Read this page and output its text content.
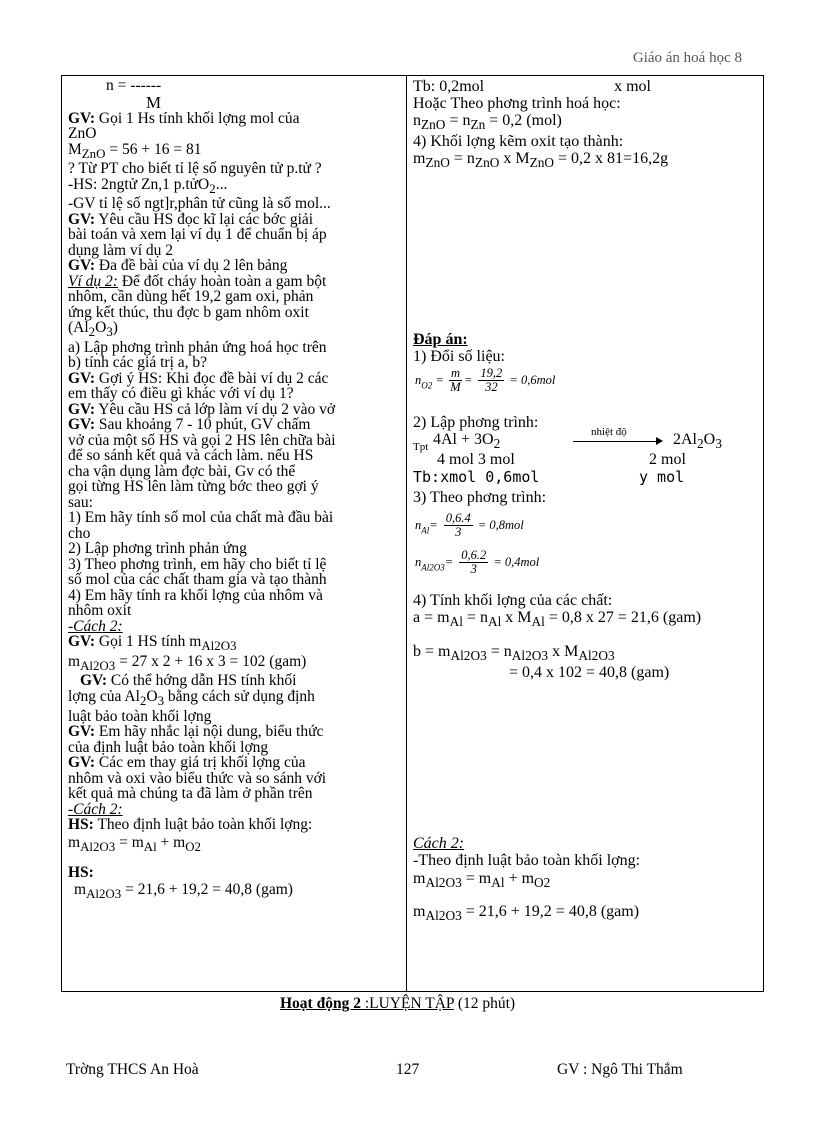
Giáo án hoá học 8
n = ------
M
GV: Gọi 1 Hs tính khối lợng mol của
ZnO
$M_{ZnO} = 56 + 16 = 81$
? Từ PT cho biết tỉ lệ số nguyên tử p.tử ?
-HS: 2ngtử Zn,1 p.tửO$_2$...
-GV tỉ lệ số ngt]r,phân tử cũng là số mol...
GV: Yêu cầu HS đọc kĩ lại các bớc giải
bài toán và xem lại ví dụ 1 để chuẩn bị áp
dụng làm ví dụ 2
GV: Đa đề bài của ví dụ 2 lên bảng
Ví dụ 2: Để đốt cháy hoàn toàn a gam bột
nhôm, cần dùng hết 19,2 gam oxi, phản
ứng kết thúc, thu đợc b gam nhôm oxit
$(Al_2O_3)$
a) Lập phơng trình phản ứng hoá học trên
b) tính các giá trị a, b?
GV: Gợi ý HS: Khi đọc đề bài ví dụ 2 các
em thấy có điều gì khác với ví dụ 1?
GV: Yêu cầu HS cả lớp làm ví dụ 2 vào vở
GV: Sau khoảng 7 - 10 phút, GV chấm
vở của một số HS và gọi 2 HS lên chữa bài
để so sánh kết quả và cách làm. nếu HS
cha vận dụng làm đợc bài, Gv có thể
gọi từng HS lên làm từng bớc theo gợi ý
sau:
1) Em hãy tính số mol của chất mà đầu bài
cho
2) Lập phơng trình phản ứng
3) Theo phơng trình, em hãy cho biết tỉ lệ
số mol của các chất tham gia và tạo thành
4) Em hãy tính ra khối lợng của nhôm và
nhôm oxit
-Cách 2:
GV: Gọi 1 HS tính $m_{Al2O3}$
$m_{Al2O3} = 27$ x 2 + 16 x 3 = 102 (gam)
GV: Có thể hớng dẫn HS tính khối
lợng của $Al_2O_3$ bằng cách sử dụng định
luật bảo toàn khối lợng
GV: Em hãy nhắc lại nội dung, biểu thức
của định luật bảo toàn khối lợng
GV: Các em thay giá trị khối lợng của
nhôm và oxi vào biểu thức và so sánh với
kết quả mà chúng ta đã làm ở phần trên
-Cách 2:
HS: Theo định luật bảo toàn khối lợng:
$m_{Al2O3} = m_{Al} + m_{O2}$
HS:
$m_{Al2O3} = 21,6 + 19,2 = 40,8$ (gam)

Tb: 0,2mol	x mol
Hoặc Theo phơng trình hoá học:
$n_{ZnO} = n_{Zn} = 0,2$ (mol)
4) Khối lợng kẽm oxit tạo thành:
$m_{ZnO} = n_{ZnO}$ x $M_{ZnO} = 0,2$ x 81=16,2g
Đáp án:
1) Đổi số liệu:
$n_{O2} = \frac{m}{M} = \frac{19,2}{32} = 0,6mol$
2) Lập phơng trình:
Tpt $4Al + 3O_2$
nhiệt độ	$2Al_2O_3$
4 mol 3 mol	2 mol
Tb:xmol 0,6mol	y mol
3) Theo phơng trình:
$n_{Al}= \frac{0,6.4}{3} = 0,8mol$
$n_{Al2O3}= \frac{0,6.2}{3} = 0,4mol$
4) Tính khối lợng của các chất:
$a = m_{Al} = n_{Al}$ x $M_{Al} = 0,8$ x 27 = 21,6 (gam)
$b = m_{Al2O3} = n_{Al2O3}$ x $M_{Al2O3}$
= 0,4 x 102 = 40,8 (gam)
Cách 2:
-Theo định luật bảo toàn khối lợng:
$m_{Al2O3} = m_{Al} + m_{O2}$
$m_{Al2O3} = 21,6 + 19,2 = 40,8$ (gam)
Hoạt động 2 :LUYỆN TẬP (12 phút)
Trờng THCS An Hoà	127	GV : Ngô Thi Thắm
